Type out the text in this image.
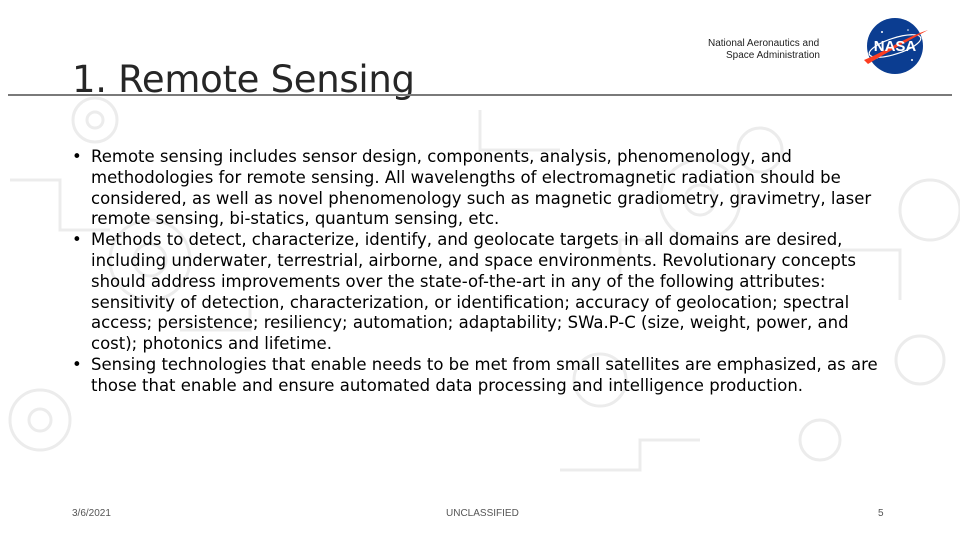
1. Remote Sensing
National Aeronautics and
Space Administration
NASA
• Remote sensing includes sensor design, components, analysis, phenomenology, and methodologies for remote sensing. All wavelengths of electromagnetic radiation should be considered, as well as novel phenomenology such as magnetic gradiometry, gravimetry, laser remote sensing, bi-statics, quantum sensing, etc.
• Methods to detect, characterize, identify, and geolocate targets in all domains are desired, including underwater, terrestrial, airborne, and space environments. Revolutionary concepts should address improvements over the state-of-the-art in any of the following attributes: sensitivity of detection, characterization, or identification; accuracy of geolocation; spectral access; persistence; resiliency; automation; adaptability; SWa.P-C (size, weight, power, and cost); photonics and lifetime.
• Sensing technologies that enable needs to be met from small satellites are emphasized, as are those that enable and ensure automated data processing and intelligence production.
3/6/2021	UNCLASSIFIED	5
